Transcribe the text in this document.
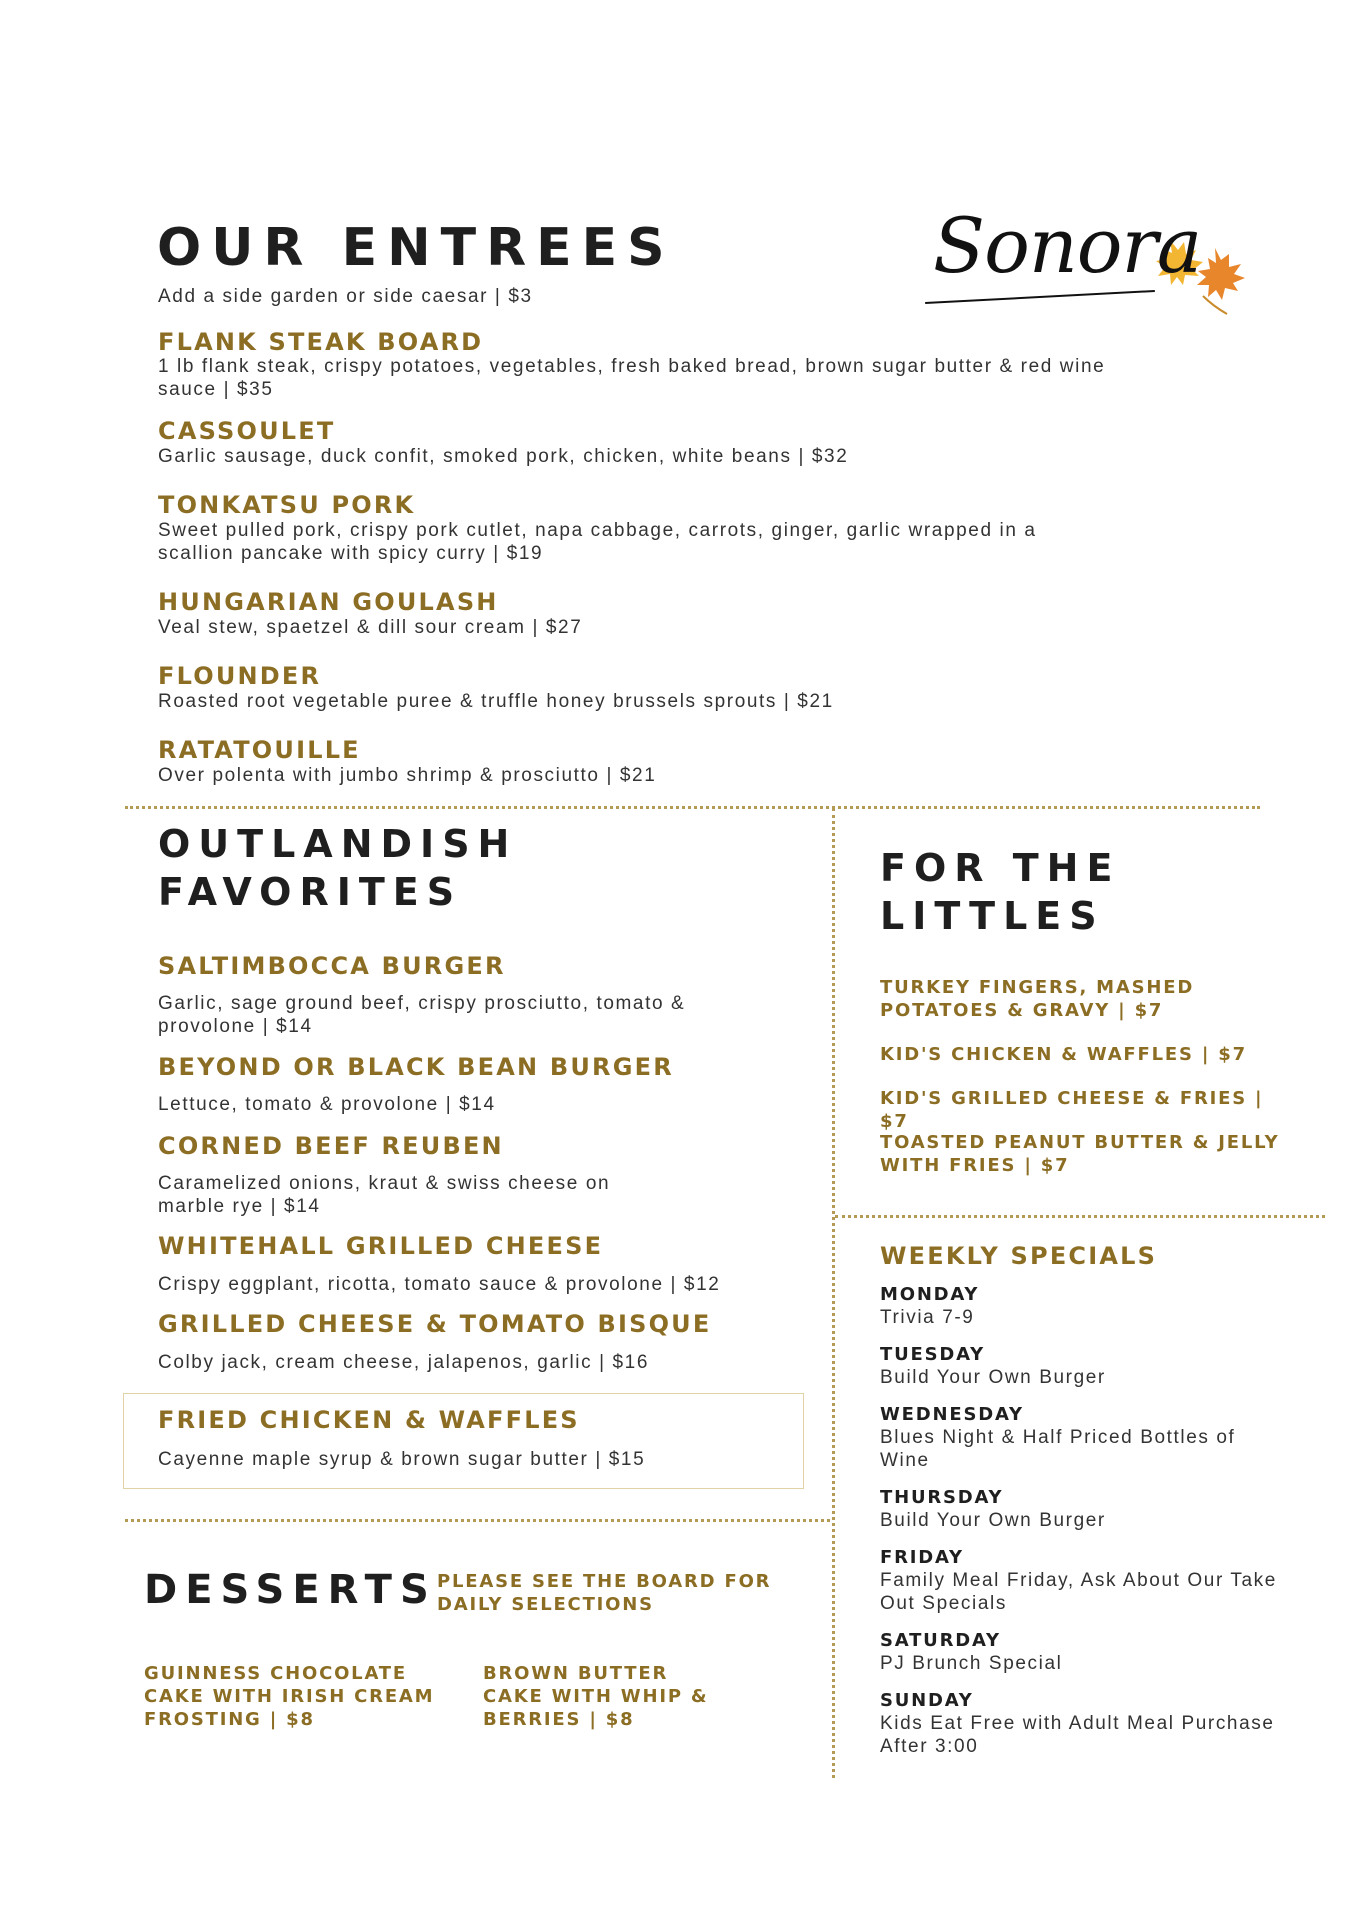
OUR ENTREES
Add a side garden or side caesar | $3
FLANK STEAK BOARD
1 lb flank steak, crispy potatoes, vegetables, fresh baked bread, brown sugar butter & red wine sauce | $35
CASSOULET
Garlic sausage, duck confit, smoked pork, chicken, white beans | $32
TONKATSU PORK
Sweet pulled pork, crispy pork cutlet, napa cabbage, carrots, ginger, garlic wrapped in a scallion pancake with spicy curry | $19
HUNGARIAN GOULASH
Veal stew, spaetzel & dill sour cream | $27
FLOUNDER
Roasted root vegetable puree & truffle honey brussels sprouts | $21
RATATOUILLE
Over polenta with jumbo shrimp & prosciutto | $21
Sonora
OUTLANDISH
FAVORITES
SALTIMBOCCA BURGER
Garlic, sage ground beef, crispy prosciutto, tomato & provolone | $14
BEYOND OR BLACK BEAN BURGER
Lettuce, tomato & provolone | $14
CORNED BEEF REUBEN
Caramelized onions, kraut & swiss cheese on marble rye | $14
WHITEHALL GRILLED CHEESE
Crispy eggplant, ricotta, tomato sauce & provolone | $12
GRILLED CHEESE & TOMATO BISQUE
Colby jack, cream cheese, jalapenos, garlic | $16
FRIED CHICKEN & WAFFLES
Cayenne maple syrup & brown sugar butter | $15
FOR THE
LITTLES
TURKEY FINGERS, MASHED POTATOES & GRAVY | $7
KID'S CHICKEN & WAFFLES | $7
KID'S GRILLED CHEESE & FRIES | $7
TOASTED PEANUT BUTTER & JELLY WITH FRIES | $7
WEEKLY SPECIALS
MONDAY
Trivia 7-9
TUESDAY
Build Your Own Burger
WEDNESDAY
Blues Night & Half Priced Bottles of Wine
THURSDAY
Build Your Own Burger
FRIDAY
Family Meal Friday, Ask About Our Take Out Specials
SATURDAY
PJ Brunch Special
SUNDAY
Kids Eat Free with Adult Meal Purchase After 3:00
DESSERTS PLEASE SEE THE BOARD FOR DAILY SELECTIONS
GUINNESS CHOCOLATE CAKE WITH IRISH CREAM FROSTING | $8
BROWN BUTTER CAKE WITH WHIP & BERRIES | $8
